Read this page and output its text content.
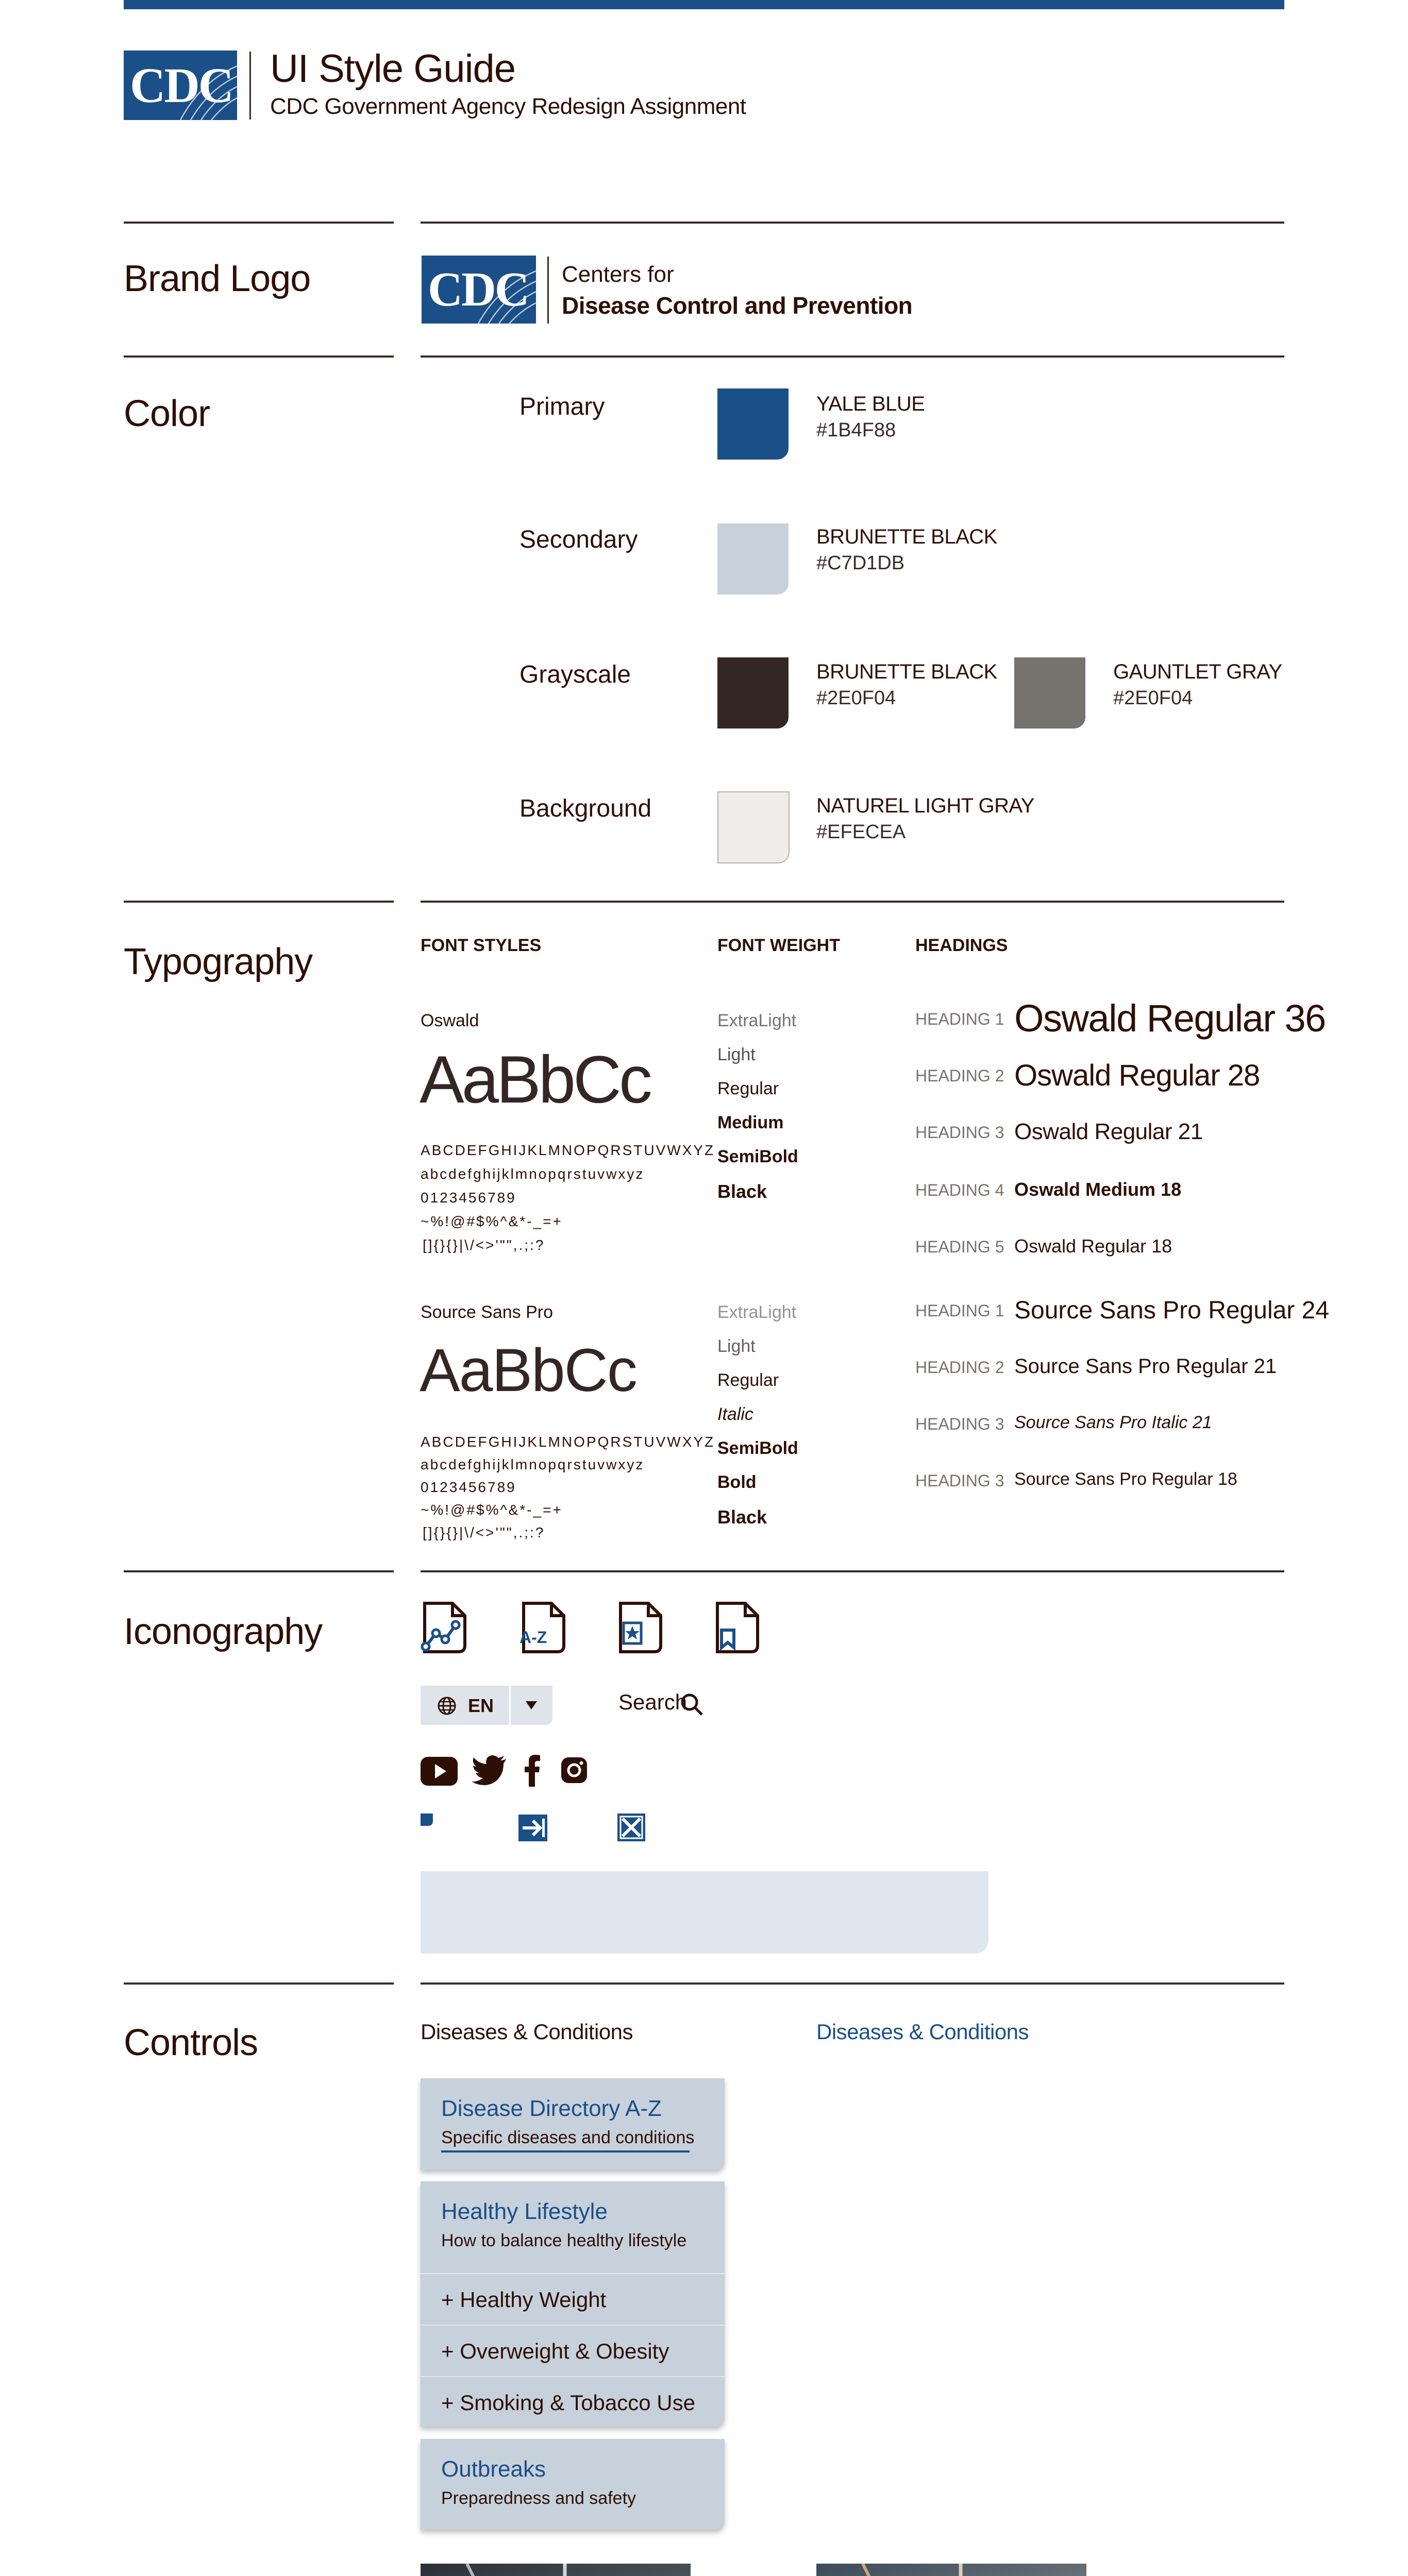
CDC UI Style Guide
CDC Government Agency Redesign Assignment
Brand Logo CDC Centers for
Disease Control and Prevention
Color	Primary	YALE BLUE
#1B4F88
Secondary	BRUNETTE BLACK
#C7D1DB
Grayscale	BRUNETTE BLACK
#2E0F04
GAUNTLET GRAY
#2E0F04
Background	NATUREL LIGHT GRAY
#EFECEA
Typography	FONT STYLES	FONT WEIGHT	HEADINGS
Oswald
AaBbCc
ABCDEFGHIJKLMNOPQRSTUVWXYZ
abcdefghijklmnopqrstuvwxyz
0123456789
~%!@#$%^&*-_=+
[]{}{}|\/<>'"",.;:?
ExtraLight
Light
Regular
Medium
SemiBold
Black
HEADING 1 Oswald Regular 36
HEADING 2 Oswald Regular 28
HEADING 3 Oswald Regular 21
HEADING 4 Oswald Medium 18
HEADING 5 Oswald Regular 18
Source Sans Pro
AaBbCc
ABCDEFGHIJKLMNOPQRSTUVWXYZ
abcdefghijklmnopqrstuvwxyz
0123456789
~%!@#$%^&*-_=+
[]{}{}|\/<>'"",.;:?
ExtraLight
Light
Regular
Italic
SemiBold
Bold
Black
HEADING 1 Source Sans Pro Regular 24
HEADING 2 Source Sans Pro Regular 21
HEADING 3 Source Sans Pro Italic 21
HEADING 3 Source Sans Pro Regular 18
Iconography	A-Z
EN	Search
Controls	Diseases & Conditions	Diseases & Conditions
Disease Directory A-Z
Specific diseases and conditions
Healthy Lifestyle
How to balance healthy lifestyle
+ Healthy Weight
+ Overweight & Obesity
+ Smoking & Tobacco Use
Outbreaks
Preparedness and safety
